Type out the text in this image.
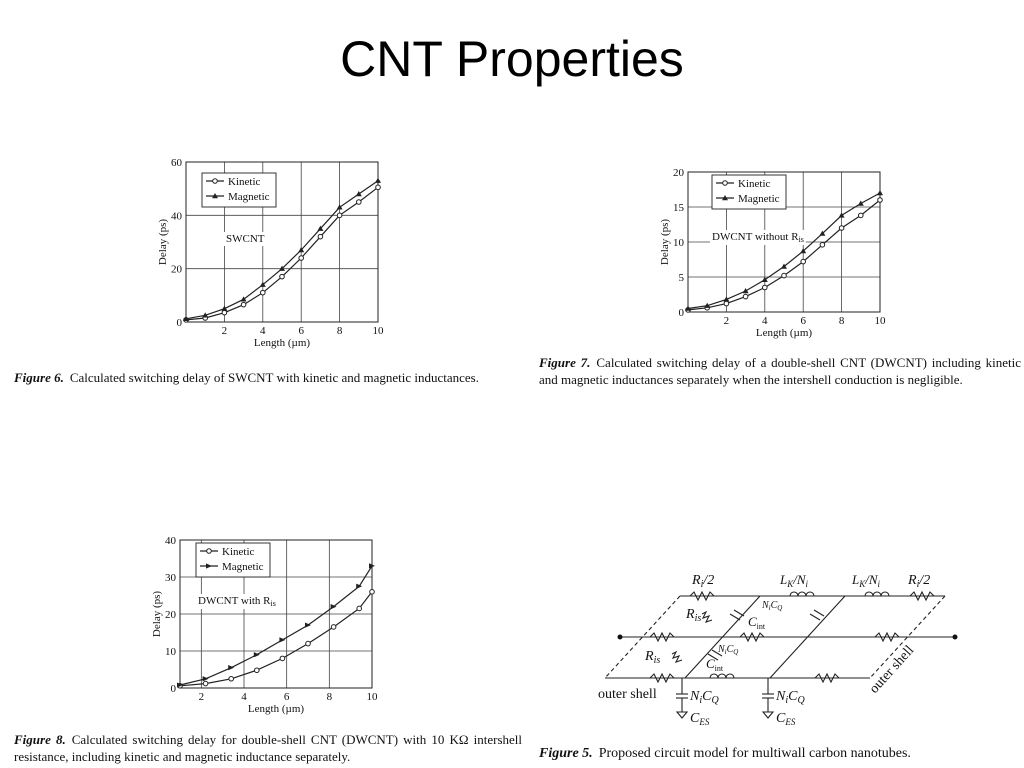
CNT Properties
2	4	6	8	10
0
20
40
60
Length (µm)
Delay (ps)
Kinetic
Magnetic
SWCNT
Figure 6. Calculated switching delay of SWCNT with kinetic and magnetic inductances.
2	4	6	8	10
0
5
10
15
20
Length (µm)
Delay (ps)
Kinetic
Magnetic
DWCNT without Ris
Figure 7. Calculated switching delay of a double-shell CNT (DWCNT) including kinetic and magnetic inductances separately when the intershell conduction is negligible.
2	4	6	8	10
0
10
20
30
40
Length (µm)
Delay (ps)
Kinetic
Magnetic
DWCNT with Ris
Figure 8. Calculated switching delay for double-shell CNT (DWCNT) with 10 KΩ intershell resistance, including kinetic and magnetic inductance separately.
$R_i/2$	$L_K/N_i$	$L_K/N_i$ $R_i/2$
$R_{is}$
$R_{is}$
$C_{int}$
$C_{int}$
$N_iC_Q$
$N_iC_Q$
$N_iC_Q$	$N_iC_Q$
$C_{ES}$	$C_{ES}$
outer shell	outer shell
Figure 5. Proposed circuit model for multiwall carbon nanotubes.
